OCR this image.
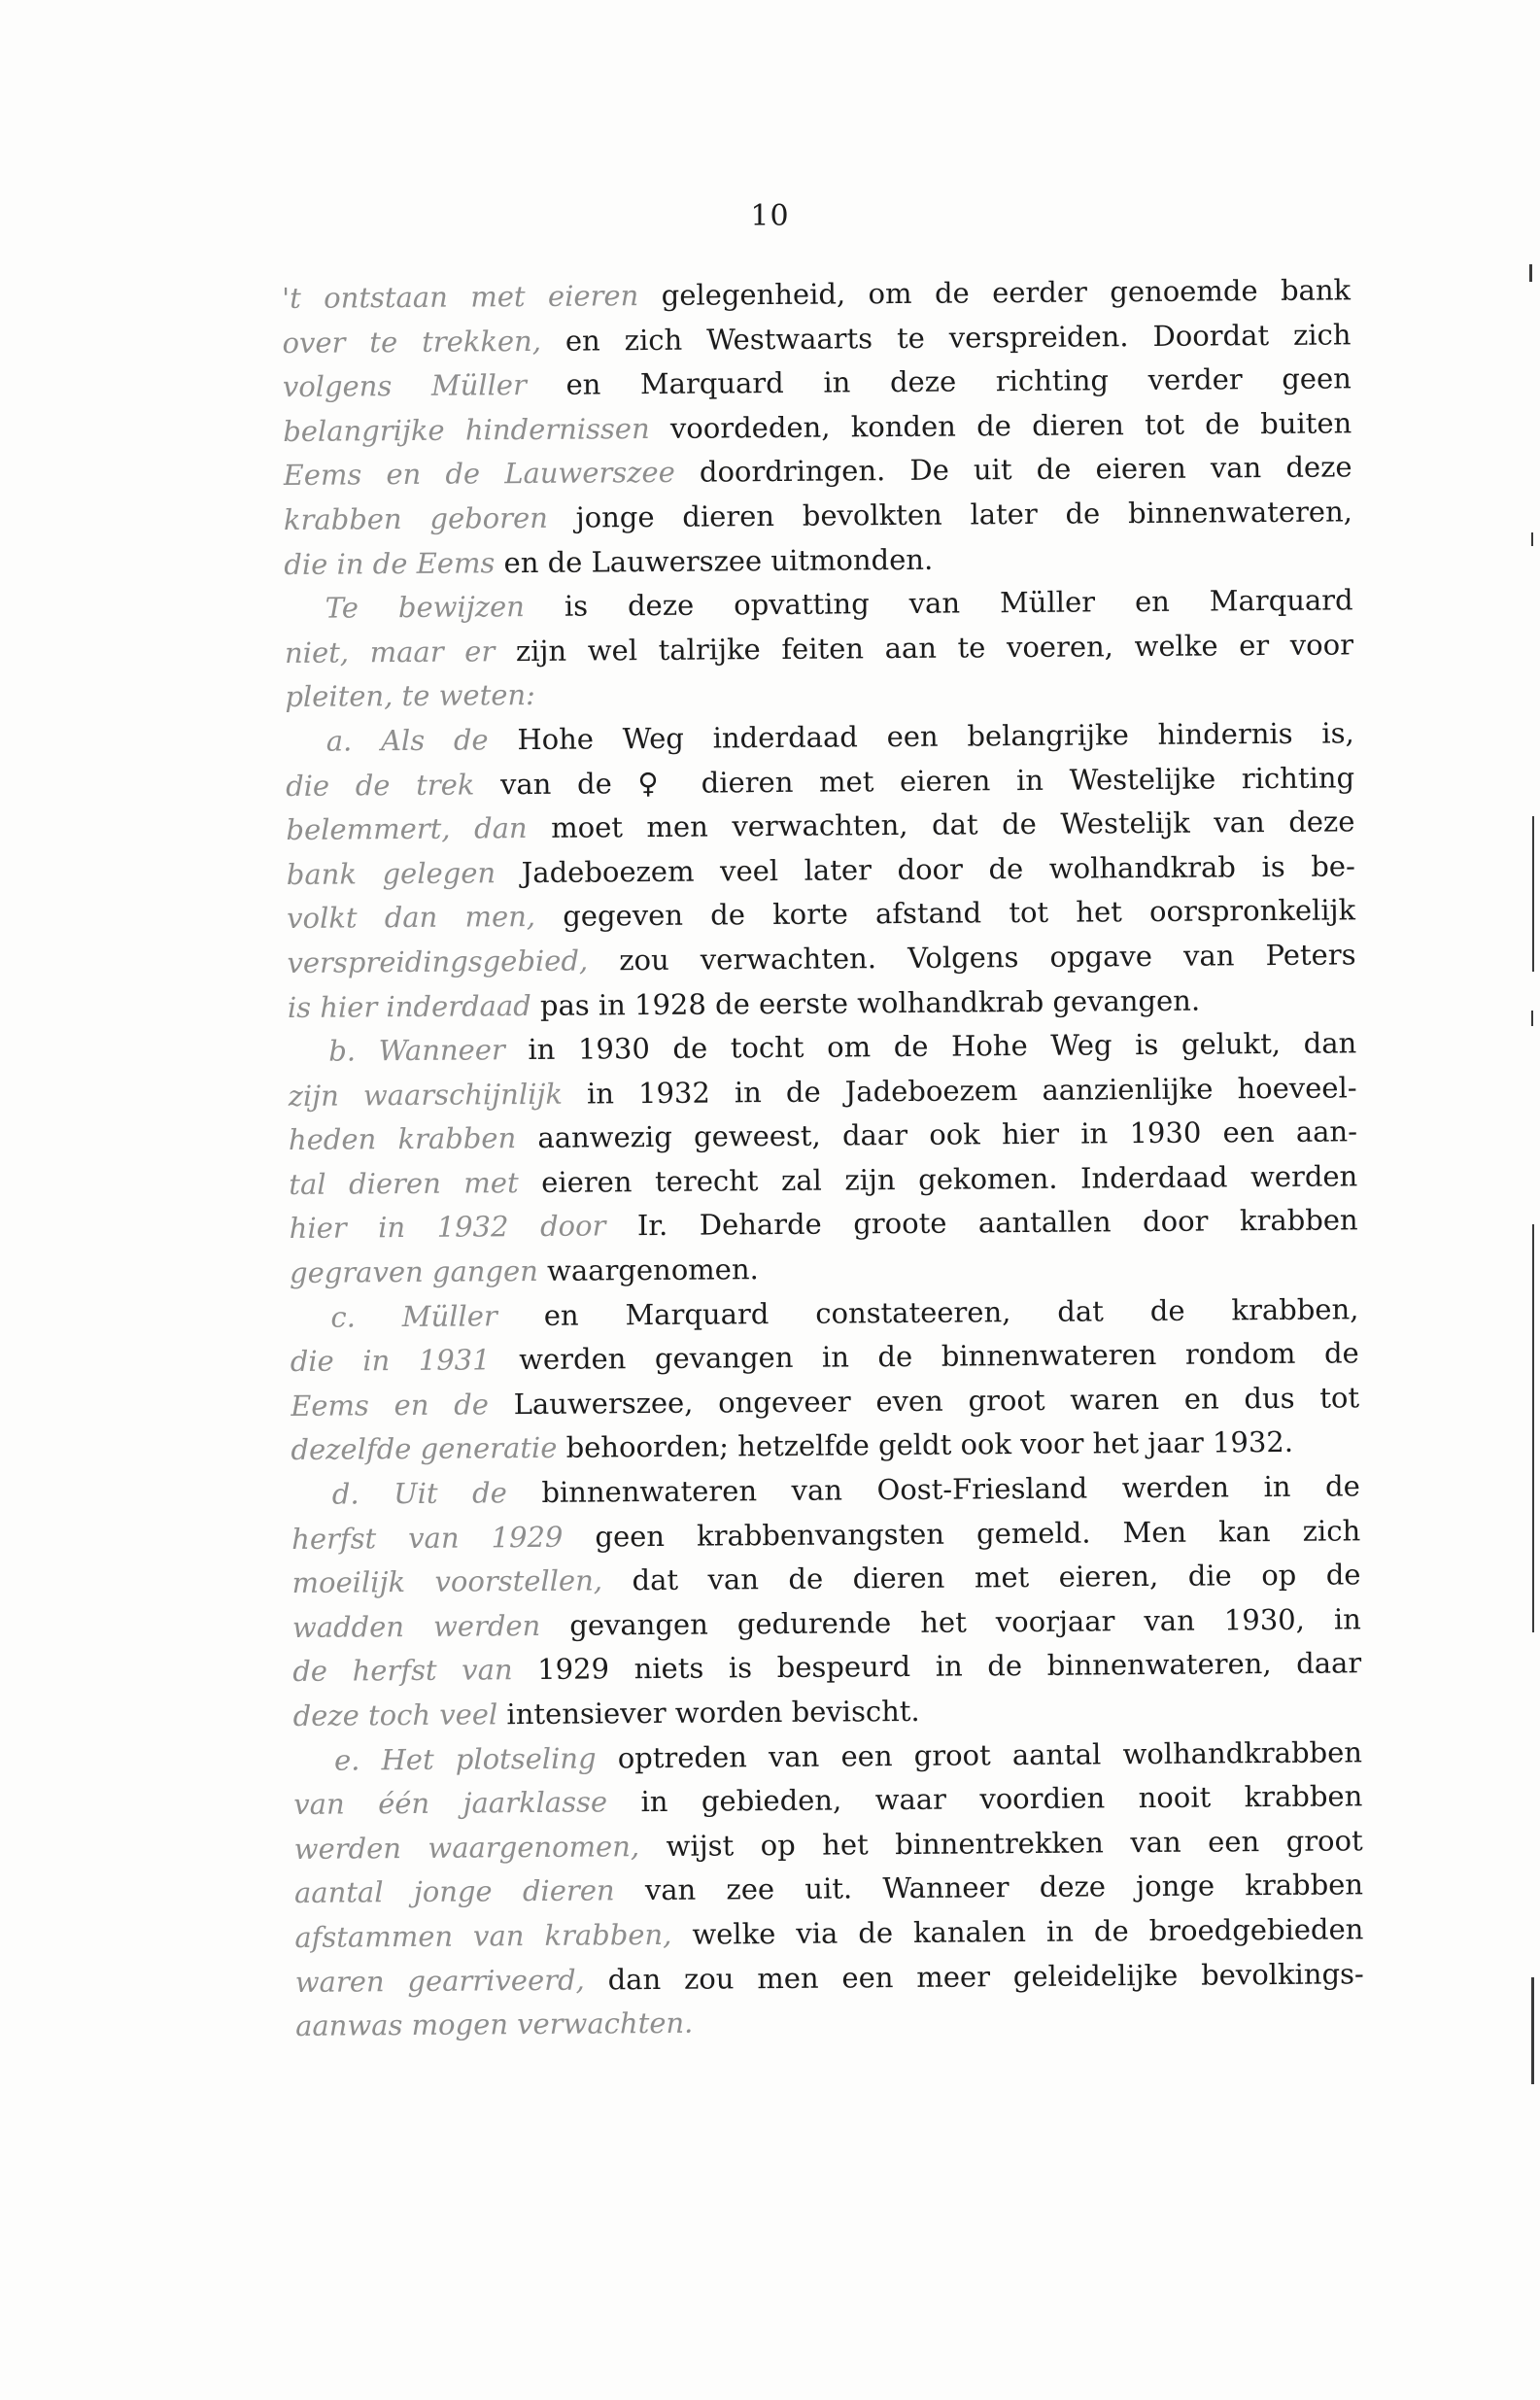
10
't ontstaan met eieren gelegenheid, om de eerder genoemde bank
over te trekken, en zich Westwaarts te verspreiden. Doordat zich
volgens Müller en Marquard in deze richting verder geen
belangrijke hindernissen voordeden, konden de dieren tot de buiten
Eems en de Lauwerszee doordringen. De uit de eieren van deze
krabben geboren jonge dieren bevolkten later de binnenwateren,
die in de Eems en de Lauwerszee uitmonden.
Te bewijzen is deze opvatting van Müller en Marquard
niet, maar er zijn wel talrijke feiten aan te voeren, welke er voor
pleiten, te weten:
a. Als de Hohe Weg inderdaad een belangrijke hindernis is,
die de trek van de ♀ dieren met eieren in Westelijke richting
belemmert, dan moet men verwachten, dat de Westelijk van deze
bank gelegen Jadeboezem veel later door de wolhandkrab is be-
volkt dan men, gegeven de korte afstand tot het oorspronkelijk
verspreidingsgebied, zou verwachten. Volgens opgave van Peters
is hier inderdaad pas in 1928 de eerste wolhandkrab gevangen.
b. Wanneer in 1930 de tocht om de Hohe Weg is gelukt, dan
zijn waarschijnlijk in 1932 in de Jadeboezem aanzienlijke hoeveel-
heden krabben aanwezig geweest, daar ook hier in 1930 een aan-
tal dieren met eieren terecht zal zijn gekomen. Inderdaad werden
hier in 1932 door Ir. Deharde groote aantallen door krabben
gegraven gangen waargenomen.
c. Müller en Marquard constateeren, dat de krabben,
die in 1931 werden gevangen in de binnenwateren rondom de
Eems en de Lauwerszee, ongeveer even groot waren en dus tot
dezelfde generatie behoorden; hetzelfde geldt ook voor het jaar 1932.
d. Uit de binnenwateren van Oost-Friesland werden in de
herfst van 1929 geen krabbenvangsten gemeld. Men kan zich
moeilijk voorstellen, dat van de dieren met eieren, die op de
wadden werden gevangen gedurende het voorjaar van 1930, in
de herfst van 1929 niets is bespeurd in de binnenwateren, daar
deze toch veel intensiever worden bevischt.
e. Het plotseling optreden van een groot aantal wolhandkrabben
van één jaarklasse in gebieden, waar voordien nooit krabben
werden waargenomen, wijst op het binnentrekken van een groot
aantal jonge dieren van zee uit. Wanneer deze jonge krabben
afstammen van krabben, welke via de kanalen in de broedgebieden
waren gearriveerd, dan zou men een meer geleidelijke bevolkings-
aanwas mogen verwachten.
